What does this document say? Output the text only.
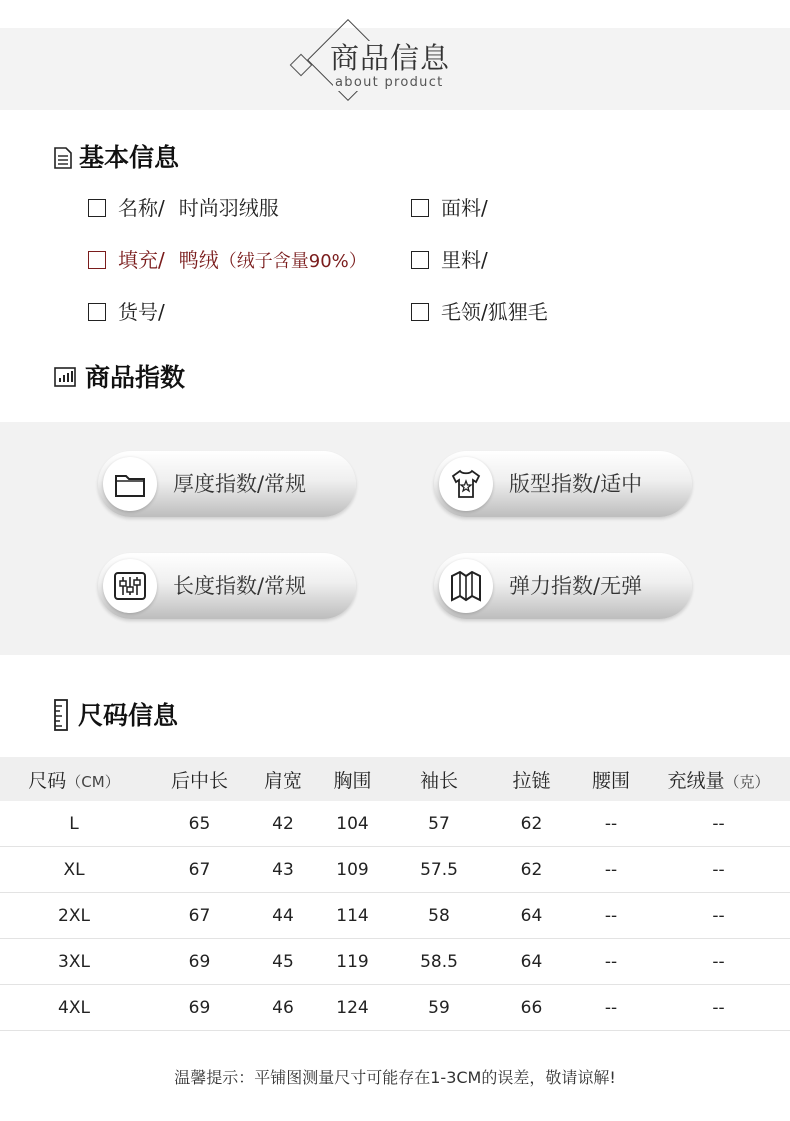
商品信息
about product
基本信息
名称/ 时尚羽绒服
填充/ 鸭绒（绒子含量90%）
货号/
面料/
里料/
毛领/狐狸毛
商品指数
厚度指数/常规	版型指数/适中
长度指数/常规	弹力指数/无弹
尺码信息
尺码（CM）	后中长	肩宽	胸围	袖长	拉链	腰围	充绒量（克）
L	65	42	104	57	62	--	--
XL	67	43	109	57.5	62	--	--
2XL	67	44	114	58	64	--	--
3XL	69	45	119	58.5	64	--	--
4XL	69	46	124	59	66	--	--
温馨提示：平铺图测量尺寸可能存在1-3CM的误差，敬请谅解!
